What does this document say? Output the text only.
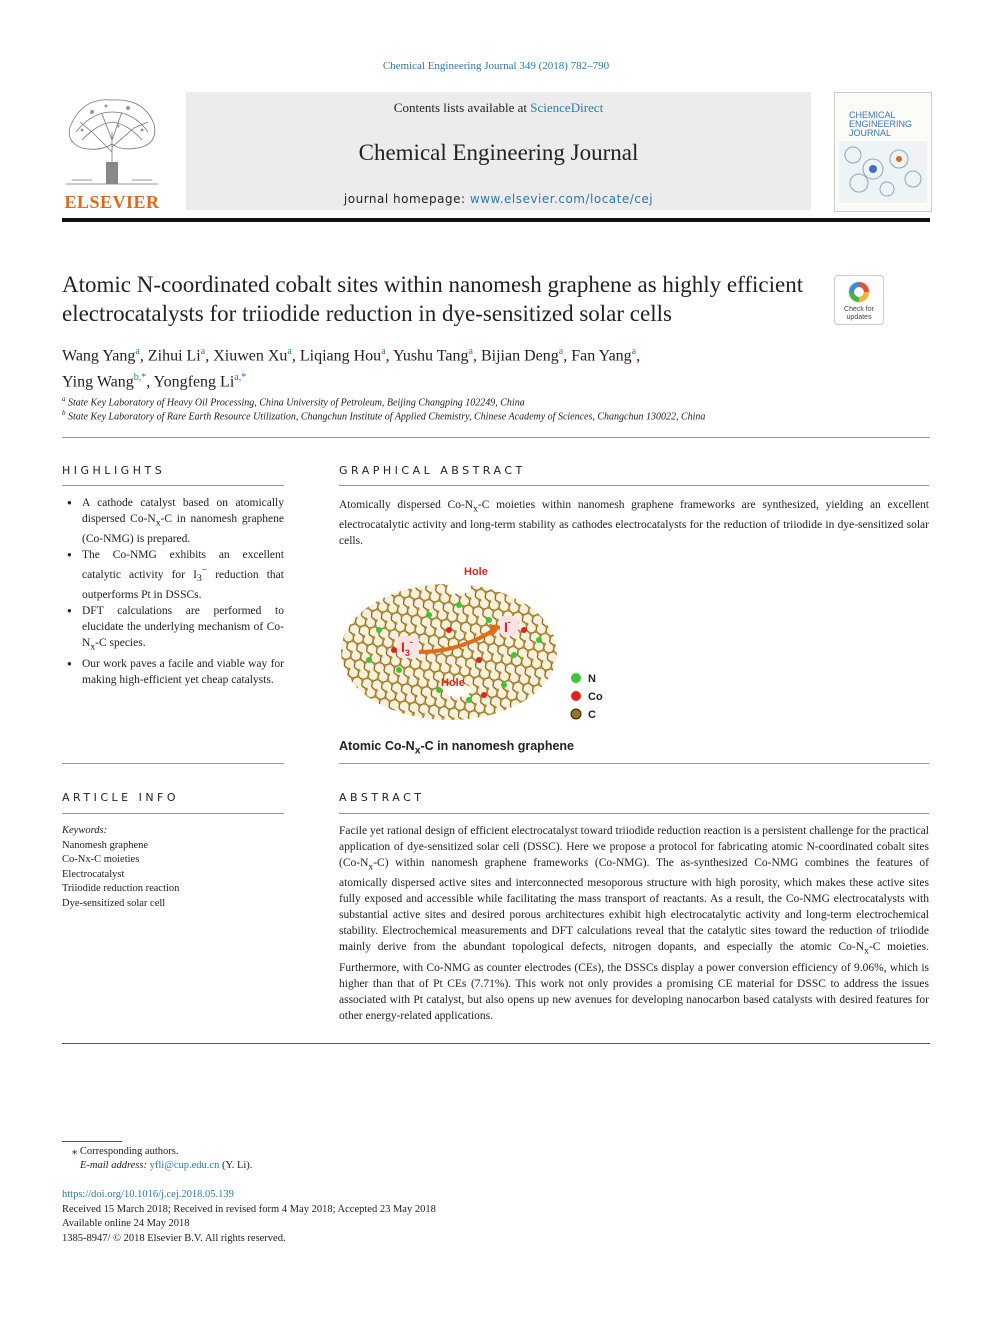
Chemical Engineering Journal 349 (2018) 782–790
ELSEVIER
Contents lists available at ScienceDirect
Chemical Engineering Journal
journal homepage: www.elsevier.com/locate/cej
CHEMICAL
ENGINEERING
JOURNAL
Atomic N-coordinated cobalt sites within nanomesh graphene as highly efficient electrocatalysts for triiodide reduction in dye-sensitized solar cells	Check for updates
Wang Yang$^a$, Zihui Li$^a$, Xiuwen Xu$^a$, Liqiang Hou$^a$, Yushu Tang$^a$, Bijian Deng$^a$, Fan Yang$^a$,
Ying Wang$^{b,*}$, Yongfeng $Li^{a,*}$
$^a$ State Key Laboratory of Heavy Oil Processing, China University of Petroleum, Beijing Changping 102249, China
$^b$ State Key Laboratory of Rare Earth Resource Utilization, Changchun Institute of Applied Chemistry, Chinese Academy of Sciences, Changchun 130022, China
HIGHLIGHTS
● A cathode catalyst based on atomically dispersed $Co-N_x-C$ in nanomesh graphene (Co-NMG) is prepared.
● The Co-NMG exhibits an excellent catalytic activity for $I_3^-$ reduction that outperforms Pt in DSSCs.
● DFT calculations are performed to elucidate the underlying mechanism of $Co-N_x-C$ species.
● Our work paves a facile and viable way for making high-efficient yet cheap catalysts.
GRAPHICAL ABSTRACT
Atomically dispersed $Co-N_x-C$ moieties within nanomesh graphene frameworks are synthesized, yielding an excellent electrocatalytic activity and long-term stability as cathodes electrocatalysts for the reduction of triiodide in dye-sensitized solar cells.
Hole
Hole
$I_3^-$
I-
N
Co
C
Atomic $Co-N_x-C$ in nanomesh graphene
ARTICLE INFO
Keywords:
Nanomesh graphene
Co-Nx-C moieties
Electrocatalyst
Triiodide reduction reaction
Dye-sensitized solar cell
ABSTRACT
Facile yet rational design of efficient electrocatalyst toward triiodide reduction reaction is a persistent challenge for the practical application of dye-sensitized solar cell (DSSC). Here we propose a protocol for fabricating atomic N-coordinated cobalt sites $(Co-N_x-C)$ within nanomesh graphene frameworks (Co-NMG). The as-synthesized Co-NMG combines the features of atomically dispersed active sites and interconnected mesoporous structure with high porosity, which makes these active sites fully exposed and accessible while facilitating the mass transport of reactants. As a result, the Co-NMG electrocatalysts with substantial active sites and desired porous architectures exhibit high electrocatalytic activity and long-term electrochemical stability. Electrochemical measurements and DFT calculations reveal that the catalytic sites toward the reduction of triiodide mainly derive from the abundant topological defects, nitrogen dopants, and especially the atomic $Co-N_x-C$ moieties. Furthermore, with Co-NMG as counter electrodes (CEs), the DSSCs display a power conversion efficiency of 9.06%, which is higher than that of Pt CEs (7.71%). This work not only provides a promising CE material for DSSC to address the issues associated with Pt catalyst, but also opens up new avenues for developing nanocarbon based catalysts with desired features for other energy-related applications.
⁎ Corresponding authors.
E-mail address: yfli@cup.edu.cn (Y. Li).
https://doi.org/10.1016/j.cej.2018.05.139
Received 15 March 2018; Received in revised form 4 May 2018; Accepted 23 May 2018
Available online 24 May 2018
1385-8947/ © 2018 Elsevier B.V. All rights reserved.
